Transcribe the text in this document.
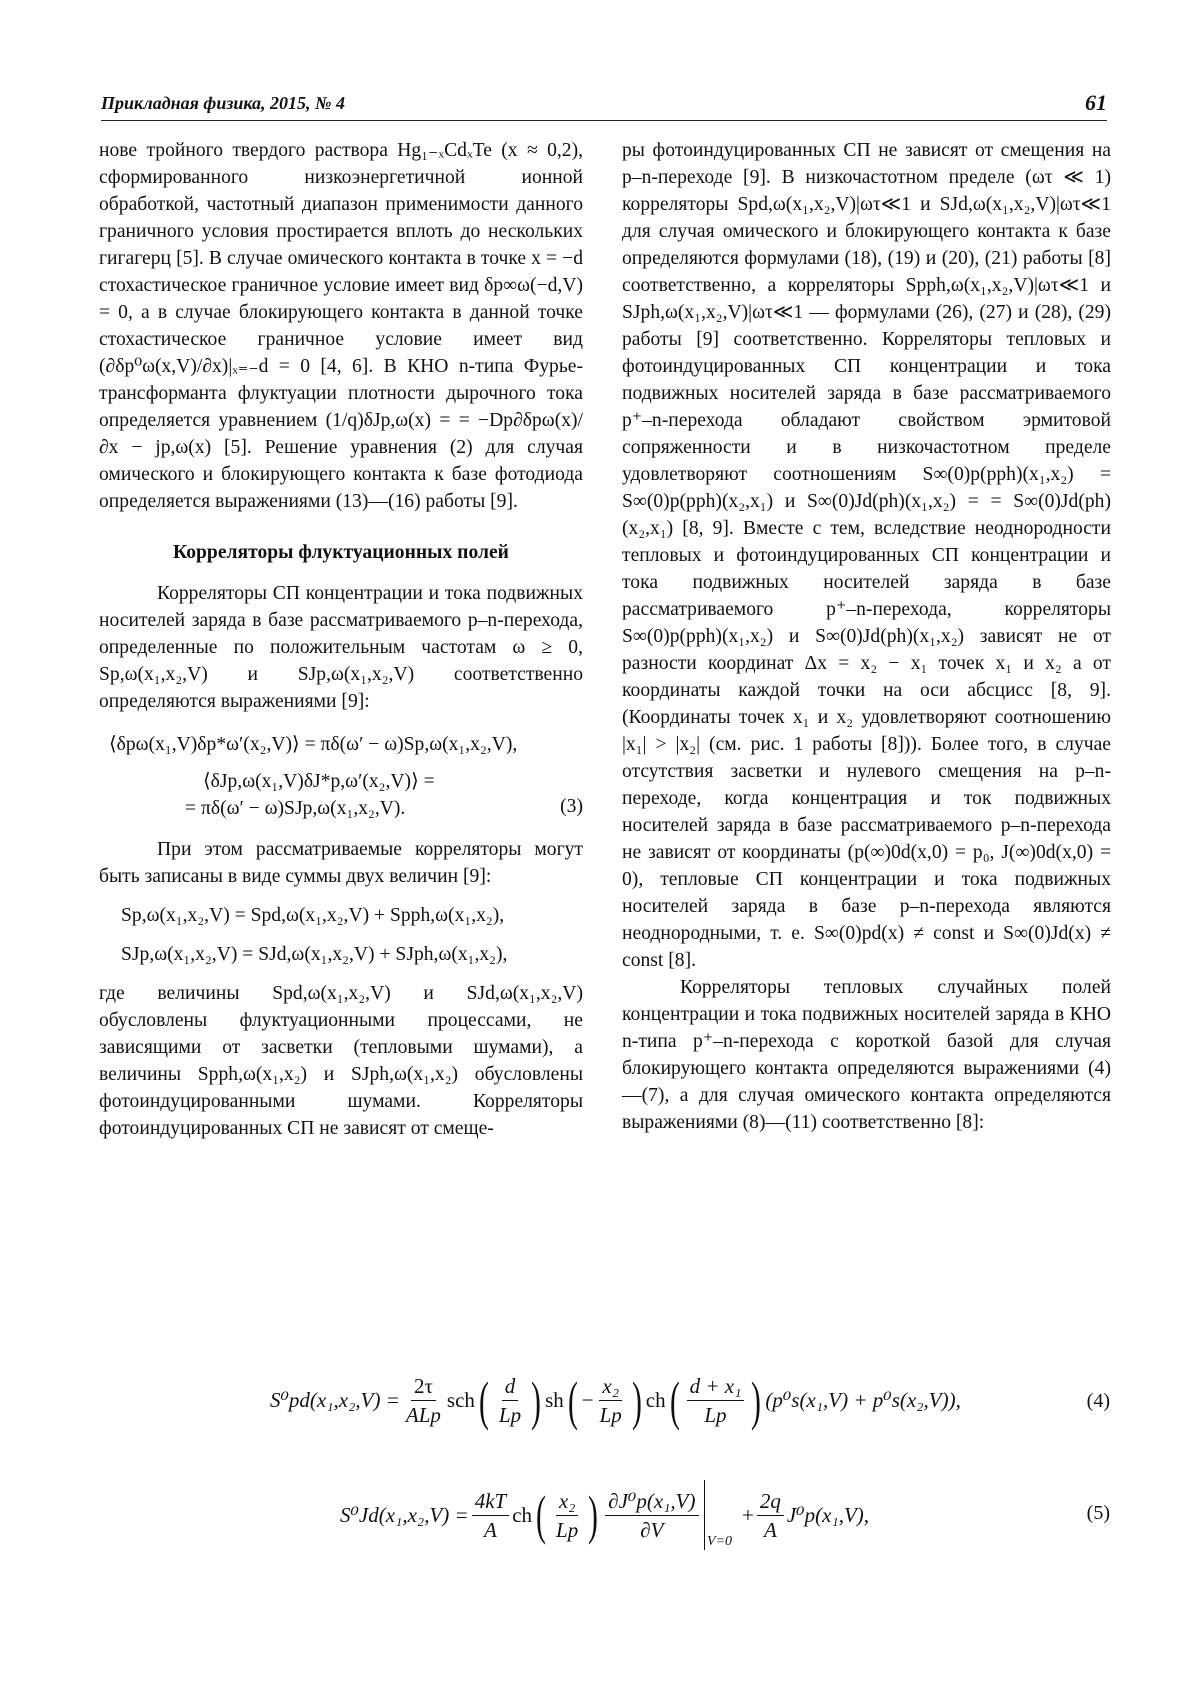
Прикладная физика, 2015, № 4	61

нове тройного твердого раствора Hg₁₋ₓCdₓTe (x ≈ 0,2), сформированного низкоэнергетичной ионной обработкой, частотный диапазон применимости данного граничного условия простирается вплоть до нескольких гигагерц [5]. В случае омического контакта в точке x = −d стохастическое граничное условие имеет вид δp∞ω(−d,V) = 0, а в случае блокирующего контакта в данной точке стохастическое граничное условие имеет вид (∂δp⁰ω(x,V)/∂x)|ₓ₌₋d = 0 [4, 6]. В КНО n-типа Фурье-трансформанта флуктуации плотности дырочного тока определяется уравнением (1/q)δJp,ω(x) = = −Dp∂δpω(x)/∂x − jp,ω(x) [5]. Решение уравнения (2) для случая омического и блокирующего контакта к базе фотодиода определяется выражениями (13)—(16) работы [9].

Корреляторы флуктуационных полей

Корреляторы СП концентрации и тока подвижных носителей заряда в базе рассматриваемого p–n-перехода, определенные по положительным частотам ω ≥ 0, Sp,ω(x₁,x₂,V) и SJp,ω(x₁,x₂,V) соответственно определяются выражениями [9]:

⟨δpω(x₁,V)δp*ω′(x₂,V)⟩ = πδ(ω′ − ω)Sp,ω(x₁,x₂,V),
⟨δJp,ω(x₁,V)δJ*p,ω′(x₂,V)⟩ =
= πδ(ω′ − ω)SJp,ω(x₁,x₂,V).	(3)

При этом рассматриваемые корреляторы могут быть записаны в виде суммы двух величин [9]:

Sp,ω(x₁,x₂,V) = Spd,ω(x₁,x₂,V) + Spph,ω(x₁,x₂),
SJp,ω(x₁,x₂,V) = SJd,ω(x₁,x₂,V) + SJph,ω(x₁,x₂),

где величины Spd,ω(x₁,x₂,V) и SJd,ω(x₁,x₂,V) обусловлены флуктуационными процессами, не зависящими от засветки (тепловыми шумами), а величины Spph,ω(x₁,x₂) и SJph,ω(x₁,x₂) обусловлены фотоиндуцированными шумами. Корреляторы фотоиндуцированных СП не зависят от смеще-

ры фотоиндуцированных СП не зависят от смещения на p–n-переходе [9]. В низкочастотном пределе (ωτ ≪ 1) корреляторы Spd,ω(x₁,x₂,V)|ωτ≪1 и SJd,ω(x₁,x₂,V)|ωτ≪1 для случая омического и блокирующего контакта к базе определяются формулами (18), (19) и (20), (21) работы [8] соответственно, а корреляторы Spph,ω(x₁,x₂,V)|ωτ≪1 и SJph,ω(x₁,x₂,V)|ωτ≪1 — формулами (26), (27) и (28), (29) работы [9] соответственно. Корреляторы тепловых и фотоиндуцированных СП концентрации и тока подвижных носителей заряда в базе рассматриваемого p⁺–n-перехода обладают свойством эрмитовой сопряженности и в низкочастотном пределе удовлетворяют соотношениям S∞(0)p(pph)(x₁,x₂) = S∞(0)p(pph)(x₂,x₁) и S∞(0)Jd(ph)(x₁,x₂) = = S∞(0)Jd(ph)(x₂,x₁) [8, 9]. Вместе с тем, вследствие неоднородности тепловых и фотоиндуцированных СП концентрации и тока подвижных носителей заряда в базе рассматриваемого p⁺–n-перехода, корреляторы S∞(0)p(pph)(x₁,x₂) и S∞(0)Jd(ph)(x₁,x₂) зависят не от разности координат Δx = x₂ − x₁ точек x₁ и x₂ а от координаты каждой точки на оси абсцисс [8, 9]. (Координаты точек x₁ и x₂ удовлетворяют соотношению |x₁| > |x₂| (см. рис. 1 работы [8])). Более того, в случае отсутствия засветки и нулевого смещения на p–n-переходе, когда концентрация и ток подвижных носителей заряда в базе рассматриваемого p–n-перехода не зависят от координаты (p(∞)0d(x,0) = p₀, J(∞)0d(x,0) = 0), тепловые СП концентрации и тока подвижных носителей заряда в базе p–n-перехода являются неоднородными, т. е. S∞(0)pd(x) ≠ const и S∞(0)Jd(x) ≠ const [8].

Корреляторы тепловых случайных полей концентрации и тока подвижных носителей заряда в КНО n-типа p⁺–n-перехода с короткой базой для случая блокирующего контакта определяются выражениями (4)—(7), а для случая омического контакта определяются выражениями (8)—(11) соответственно [8]:

$S^0pd(x_1,x_2,V) = \frac{2\tau}{\text{ALp}}$ sch ( $\frac{d}{Lp}$ ) sh ( − $\frac{\text{x₂}}{Lp}$ ) ch ( $\frac{\text{d + x₁}}{Lp}$ ) (p⁰s(x₁,V) + p⁰s(x₂,V)),	(4)
$S^0Jd(x_1,x_2,V) = \frac{4kT}{A}$ ch ( $\frac{\text{x₂}}{Lp}$ ) $\frac{\text{∂J⁰p(x₁,V)}}{\partial V} V=0$
+ $\frac{2q}{A} J^0p(x_1,V)$,	(5)
